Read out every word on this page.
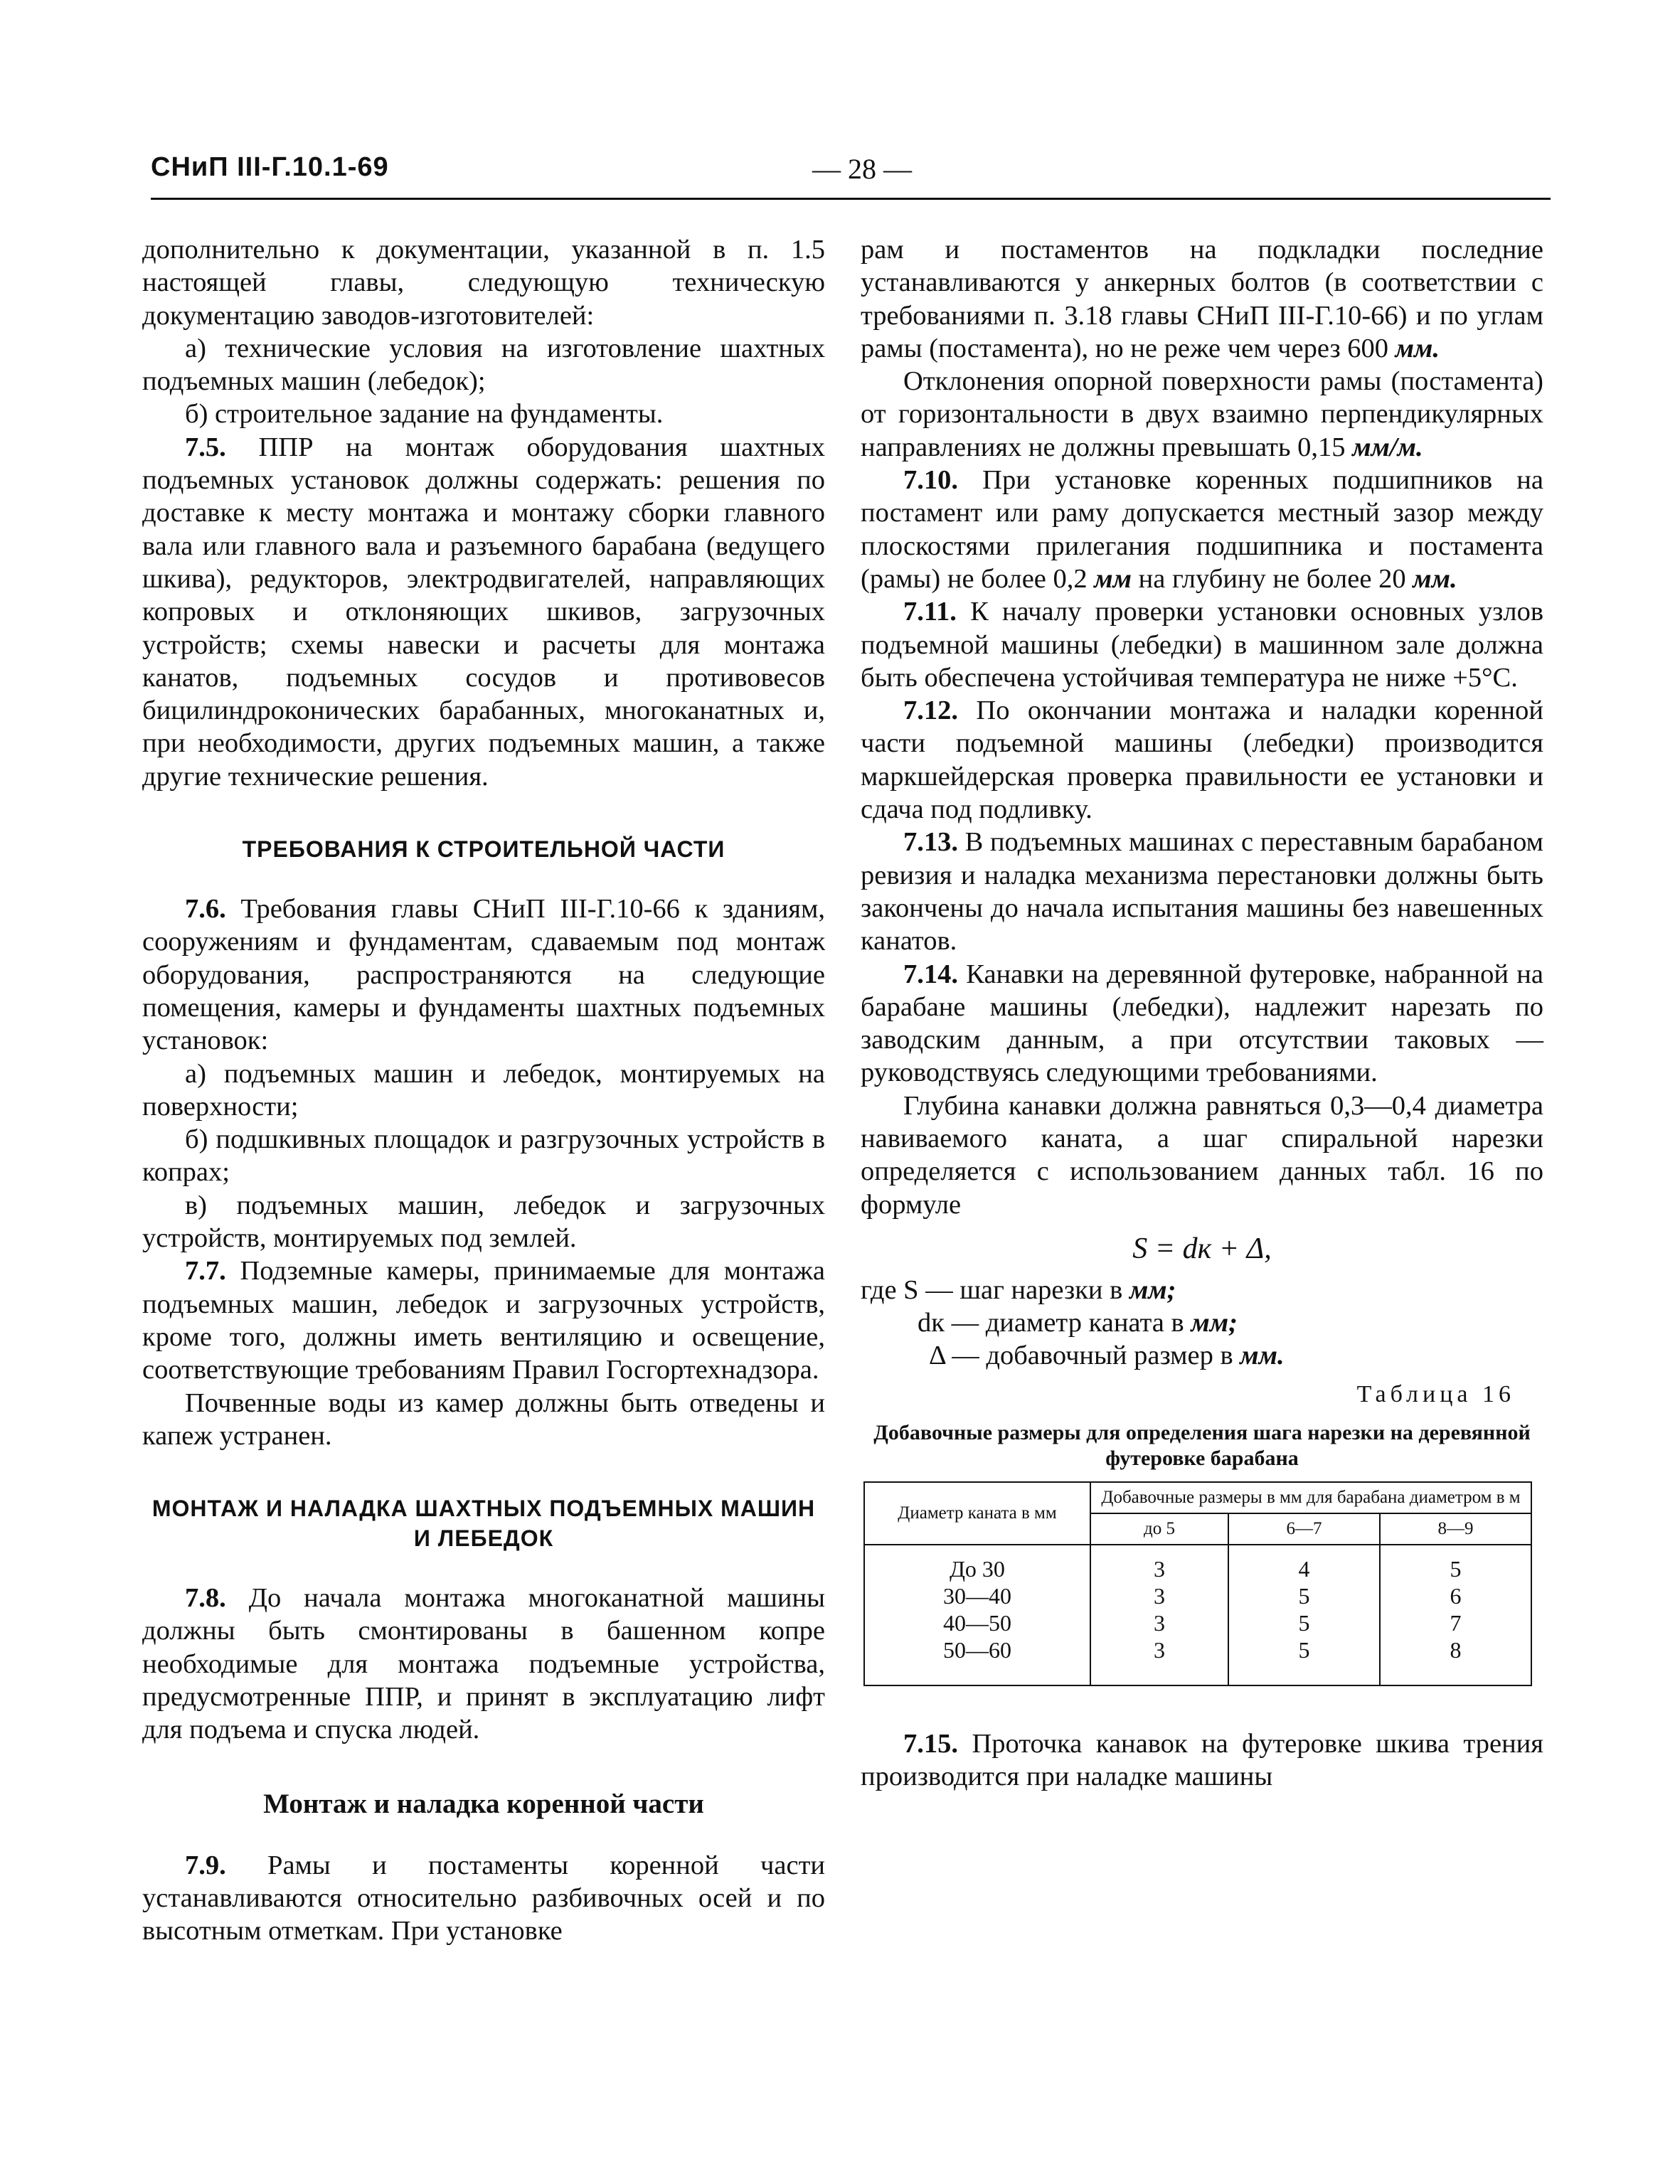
СНиП III-Г.10.1-69	— 28 —

дополнительно к документации, указанной в п. 1.5 настоящей главы, следующую техническую документацию заводов-изготовителей:

а) технические условия на изготовление шахтных подъемных машин (лебедок);

б) строительное задание на фундаменты.

7.5. ППР на монтаж оборудования шахтных подъемных установок должны содержать: решения по доставке к месту монтажа и монтажу сборки главного вала или главного вала и разъемного барабана (ведущего шкива), редукторов, электродвигателей, направляющих копровых и отклоняющих шкивов, загрузочных устройств; схемы навески и расчеты для монтажа канатов, подъемных сосудов и противовесов бицилиндроконических барабанных, многоканатных и, при необходимости, других подъемных машин, а также другие технические решения.

ТРЕБОВАНИЯ К СТРОИТЕЛЬНОЙ ЧАСТИ

7.6. Требования главы СНиП III-Г.10-66 к зданиям, сооружениям и фундаментам, сдаваемым под монтаж оборудования, распространяются на следующие помещения, камеры и фундаменты шахтных подъемных установок:

а) подъемных машин и лебедок, монтируемых на поверхности;

б) подшкивных площадок и разгрузочных устройств в копрах;

в) подъемных машин, лебедок и загрузочных устройств, монтируемых под землей.

7.7. Подземные камеры, принимаемые для монтажа подъемных машин, лебедок и загрузочных устройств, кроме того, должны иметь вентиляцию и освещение, соответствующие требованиям Правил Госгортехнадзора.

Почвенные воды из камер должны быть отведены и капеж устранен.

МОНТАЖ И НАЛАДКА ШАХТНЫХ ПОДЪЕМНЫХ МАШИН И ЛЕБЕДОК

7.8. До начала монтажа многоканатной машины должны быть смонтированы в башенном копре необходимые для монтажа подъемные устройства, предусмотренные ППР, и принят в эксплуатацию лифт для подъема и спуска людей.

Монтаж и наладка коренной части

7.9. Рамы и постаменты коренной части устанавливаются относительно разбивочных осей и по высотным отметкам. При установке

рам и постаментов на подкладки последние устанавливаются у анкерных болтов (в соответствии с требованиями п. 3.18 главы СНиП III-Г.10-66) и по углам рамы (постамента), но не реже чем через 600 мм.

Отклонения опорной поверхности рамы (постамента) от горизонтальности в двух взаимно перпендикулярных направлениях не должны превышать 0,15 мм/м.

7.10. При установке коренных подшипников на постамент или раму допускается местный зазор между плоскостями прилегания подшипника и постамента (рамы) не более 0,2 мм на глубину не более 20 мм.

7.11. К началу проверки установки основных узлов подъемной машины (лебедки) в машинном зале должна быть обеспечена устойчивая температура не ниже +5°С.

7.12. По окончании монтажа и наладки коренной части подъемной машины (лебедки) производится маркшейдерская проверка правильности ее установки и сдача под подливку.

7.13. В подъемных машинах с переставным барабаном ревизия и наладка механизма перестановки должны быть закончены до начала испытания машины без навешенных канатов.

7.14. Канавки на деревянной футеровке, набранной на барабане машины (лебедки), надлежит нарезать по заводским данным, а при отсутствии таковых — руководствуясь следующими требованиями.

Глубина канавки должна равняться 0,3—0,4 диаметра навиваемого каната, а шаг спиральной нарезки определяется с использованием данных табл. 16 по формуле

S = dк + Δ,

где S — шаг нарезки в мм;

dк — диаметр каната в мм;

Δ — добавочный размер в мм.

Таблица 16

Добавочные размеры для определения шага нарезки на деревянной футеровке барабана

Диаметр каната в мм	Добавочные размеры в мм для барабана диаметром в м		
	до 5	6—7	8—9
До 30	3	4	5
30—40	3	5	6
40—50	3	5	7
50—60	3	5	8

7.15. Проточка канавок на футеровке шкива трения производится при наладке машины
